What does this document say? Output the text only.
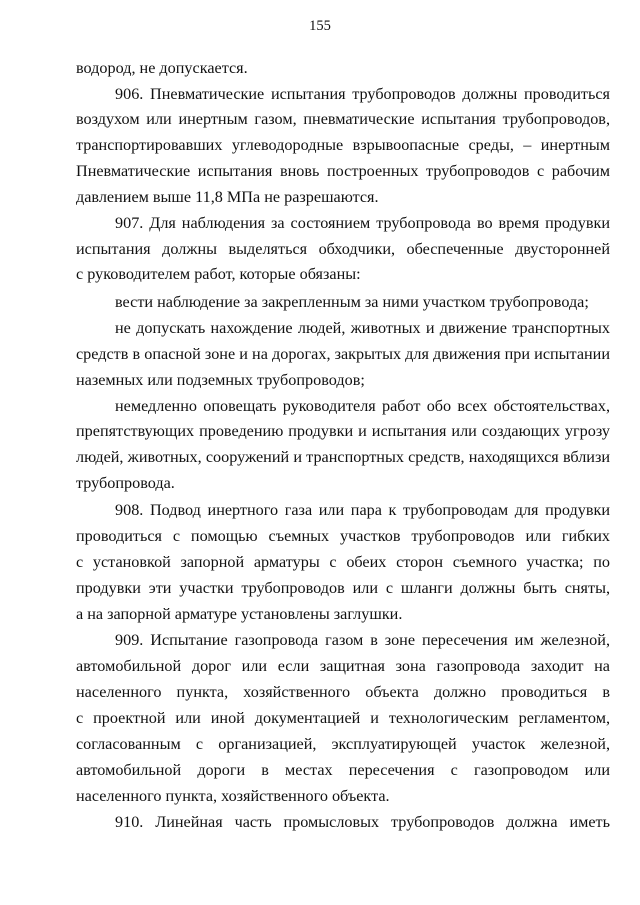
155
водород, не допускается.
906. Пневматические испытания трубопроводов должны проводиться
воздухом или инертным газом, пневматические испытания трубопроводов,
транспортировавших углеводородные взрывоопасные среды, – инертным
Пневматические испытания вновь построенных трубопроводов с рабочим
давлением выше 11,8 МПа не разрешаются.
907. Для наблюдения за состоянием трубопровода во время продувки
испытания должны выделяться обходчики, обеспеченные двусторонней
с руководителем работ, которые обязаны:
вести наблюдение за закрепленным за ними участком трубопровода;
не допускать нахождение людей, животных и движение транспортных
средств в опасной зоне и на дорогах, закрытых для движения при испытании
наземных или подземных трубопроводов;
немедленно оповещать руководителя работ обо всех обстоятельствах,
препятствующих проведению продувки и испытания или создающих угрозу
людей, животных, сооружений и транспортных средств, находящихся вблизи
трубопровода.
908. Подвод инертного газа или пара к трубопроводам для продувки
проводиться с помощью съемных участков трубопроводов или гибких
с установкой запорной арматуры с обеих сторон съемного участка; по
продувки эти участки трубопроводов или с шланги должны быть сняты,
а на запорной арматуре установлены заглушки.
909. Испытание газопровода газом в зоне пересечения им железной,
автомобильной дорог или если защитная зона газопровода заходит на
населенного пункта, хозяйственного объекта должно проводиться в
с проектной или иной документацией и технологическим регламентом,
согласованным с организацией, эксплуатирующей участок железной,
автомобильной дороги в местах пересечения с газопроводом или
населенного пункта, хозяйственного объекта.
910. Линейная часть промысловых трубопроводов должна иметь
